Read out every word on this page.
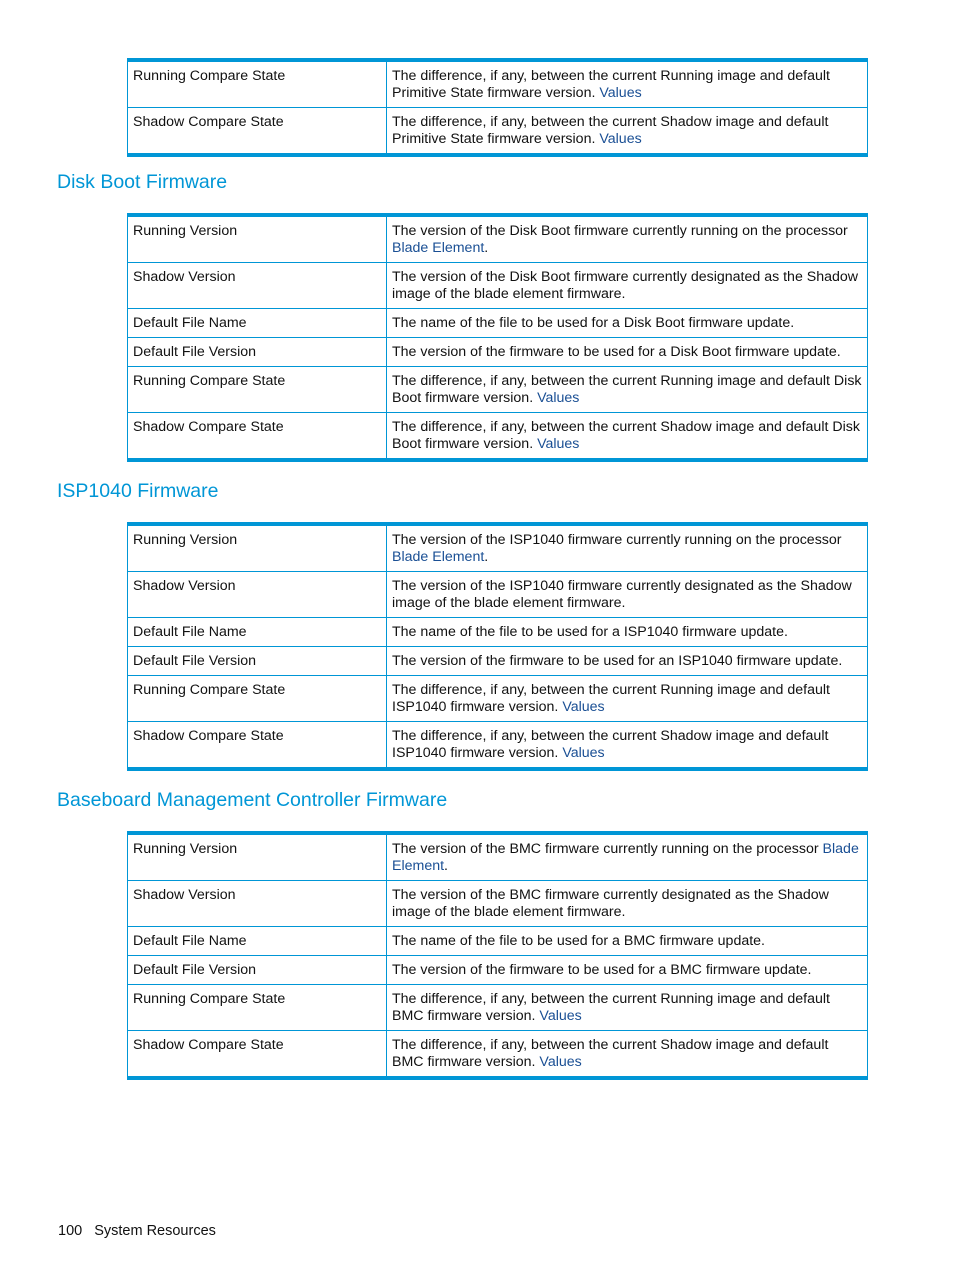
Running Compare State	The difference, if any, between the current Running image and default Primitive State firmware version. Values
Shadow Compare State	The difference, if any, between the current Shadow image and default Primitive State firmware version. Values
Disk Boot Firmware
Running Version	The version of the Disk Boot firmware currently running on the processor Blade Element.
Shadow Version	The version of the Disk Boot firmware currently designated as the Shadow image of the blade element firmware.
Default File Name	The name of the file to be used for a Disk Boot firmware update.
Default File Version	The version of the firmware to be used for a Disk Boot firmware update.
Running Compare State	The difference, if any, between the current Running image and default Disk Boot firmware version. Values
Shadow Compare State	The difference, if any, between the current Shadow image and default Disk Boot firmware version. Values
ISP1040 Firmware
Running Version	The version of the ISP1040 firmware currently running on the processor Blade Element.
Shadow Version	The version of the ISP1040 firmware currently designated as the Shadow image of the blade element firmware.
Default File Name	The name of the file to be used for a ISP1040 firmware update.
Default File Version	The version of the firmware to be used for an ISP1040 firmware update.
Running Compare State	The difference, if any, between the current Running image and default ISP1040 firmware version. Values
Shadow Compare State	The difference, if any, between the current Shadow image and default ISP1040 firmware version. Values
Baseboard Management Controller Firmware
Running Version	The version of the BMC firmware currently running on the processor Blade Element.
Shadow Version	The version of the BMC firmware currently designated as the Shadow image of the blade element firmware.
Default File Name	The name of the file to be used for a BMC firmware update.
Default File Version	The version of the firmware to be used for a BMC firmware update.
Running Compare State	The difference, if any, between the current Running image and default BMC firmware version. Values
Shadow Compare State	The difference, if any, between the current Shadow image and default BMC firmware version. Values
100 System Resources
